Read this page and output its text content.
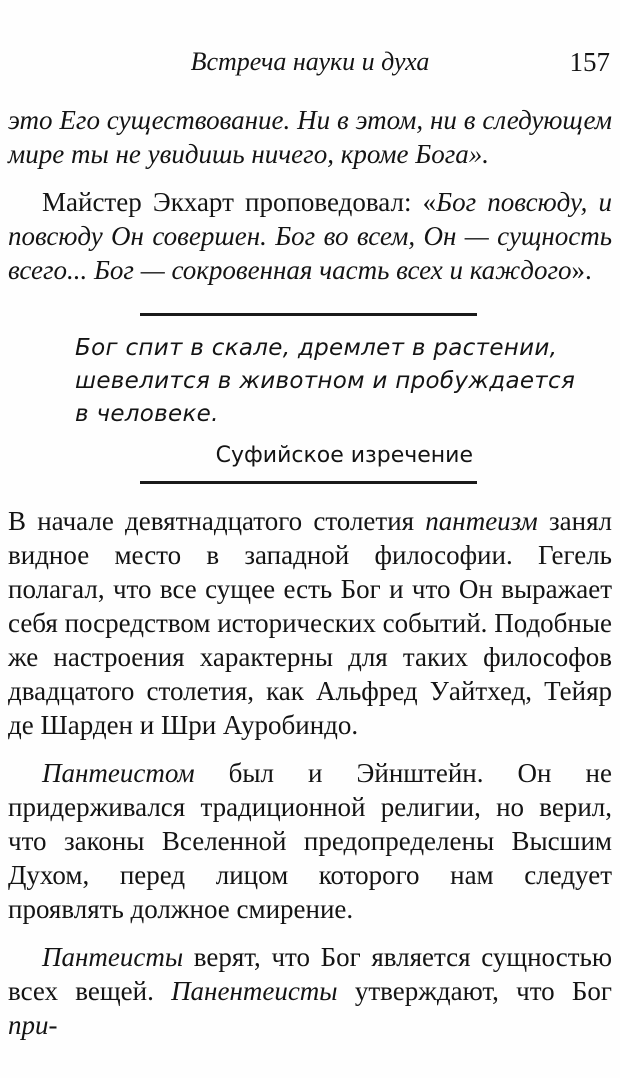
Встреча науки и духа	157

это Его существование. Ни в этом, ни в следующем мире ты не увидишь ничего, кроме Бога».

Майстер Экхарт проповедовал: «Бог повсюду, и повсюду Он совершен. Бог во всем, Он — сущность всего... Бог — сокровенная часть всех и каждого».

Бог спит в скале, дремлет в растении,
шевелится в животном и пробуждается
в человеке.
Суфийское изречение

В начале девятнадцатого столетия пантеизм занял видное место в западной философии. Гегель полагал, что все сущее есть Бог и что Он выражает себя посредством исторических событий. Подобные же настроения характерны для таких философов двадцатого столетия, как Альфред Уайтхед, Тейяр де Шарден и Шри Ауробиндо.

Пантеистом был и Эйнштейн. Он не придерживался традиционной религии, но верил, что законы Вселенной предопределены Высшим Духом, перед лицом которого нам следует проявлять должное смирение.

Пантеисты верят, что Бог является сущностью всех вещей. Панентеисты утверждают, что Бог при-
